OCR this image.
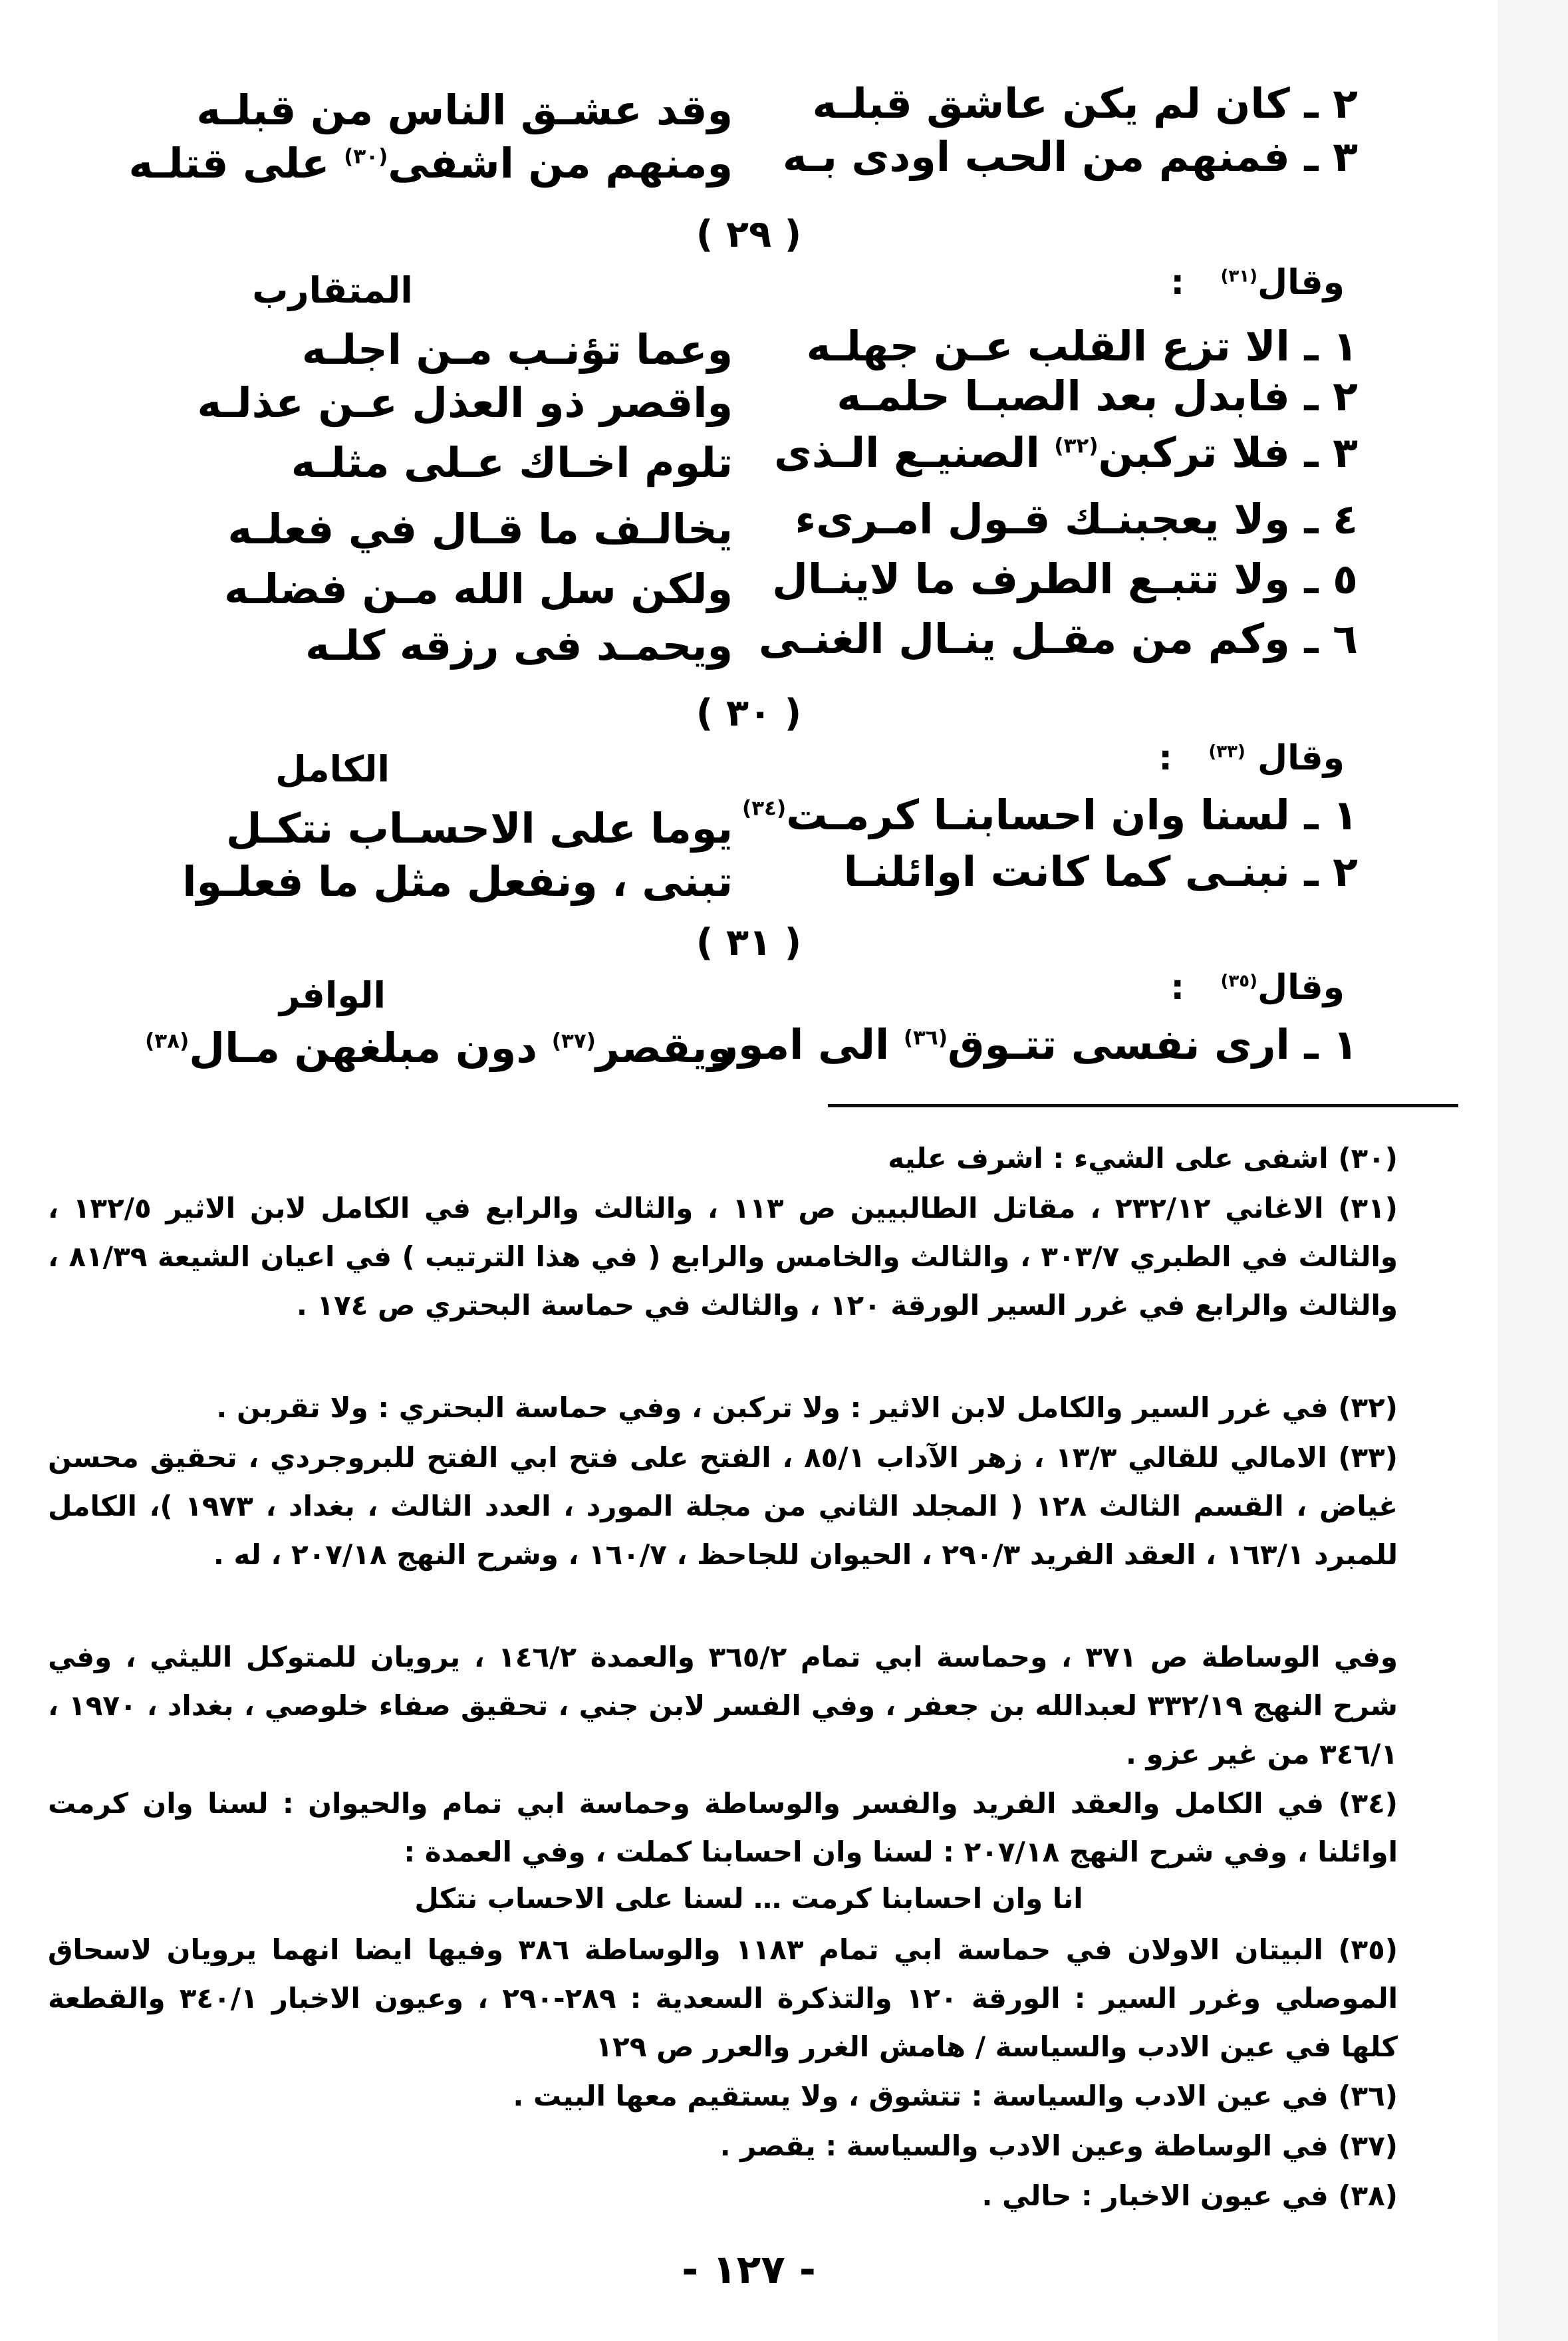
٢ ـ كان لم يكن عاشق قبلـه
وقد عشـق الناس من قبلـه
٣ ـ فمنهم من الحب اودى بـه
ومنهم من اشفى$^{(٣٠)}$ على قتلـه
( ٢٩ )
وقال$^{(٣١)}$   :
المتقارب
١ ـ الا تزع القلب عـن جهلـه
وعما تؤنـب مـن اجلـه
٢ ـ فابدل بعد الصبـا حلمـه
واقصر ذو العذل عـن عذلـه
٣ ـ فلا تركبن$^{(٣٢)}$ الصنيـع الـذى
تلوم اخـاك عـلى مثلـه
٤ ـ ولا يعجبنـك قـول امـرىء
يخالـف ما قـال في فعلـه
٥ ـ ولا تتبـع الطرف ما لاينـال
ولكن سل الله مـن فضلـه
٦ ـ وكم من مقـل ينـال الغنـى
ويحمـد فى رزقه كلـه
( ٣٠ )
وقال $^{(٣٣)}$   :
الكامل
١ ـ لسنا وان احسابنـا كرمـت$^{(٣٤)}$
يوما على الاحسـاب نتكـل
٢ ـ نبنـى كما كانت اوائلنـا
تبنى ، ونفعل مثل ما فعلـوا
( ٣١ )
وقال$^{(٣٥)}$   :
الوافر
١ ـ ارى نفسى تتـوق$^{(٣٦)}$ الى امور
ويقصر$^{(٣٧)}$ دون مبلغهن مـال$^{(٣٨)}$
(٣٠) اشفى على الشيء : اشرف عليه
(٣١) الاغاني ٢٣٢/١٢ ، مقاتل الطالبيين ص ١١٣ ، والثالث والرابع في الكامل لابن الاثير ١٣٢/٥ ، والثالث في الطبري ٣٠٣/٧ ، والثالث والخامس والرابع ( في هذا الترتيب ) في اعيان الشيعة ٨١/٣٩ ، والثالث والرابع في غرر السير الورقة ١٢٠ ، والثالث في حماسة البحتري ص ١٧٤ .
(٣٢) في غرر السير والكامل لابن الاثير : ولا تركبن ، وفي حماسة البحتري : ولا تقربن .
(٣٣) الامالي للقالي ١٣/٣ ، زهر الآداب ٨٥/١ ، الفتح على فتح ابي الفتح للبروجردي ، تحقيق محسن غياض ، القسم الثالث ١٢٨ ( المجلد الثاني من مجلة المورد ، العدد الثالث ، بغداد ، ١٩٧٣ )، الكامل للمبرد ١٦٣/١ ، العقد الفريد ٢٩٠/٣ ، الحيوان للجاحظ ، ١٦٠/٧ ، وشرح النهج ٢٠٧/١٨ ، له .
وفي الوساطة ص ٣٧١ ، وحماسة ابي تمام ٣٦٥/٢ والعمدة ١٤٦/٢ ، يرويان للمتوكل الليثي ، وفي شرح النهج ٣٣٢/١٩ لعبدالله بن جعفر ، وفي الفسر لابن جني ، تحقيق صفاء خلوصي ، بغداد ، ١٩٧٠ ، ٣٤٦/١ من غير عزو .
(٣٤) في الكامل والعقد الفريد والفسر والوساطة وحماسة ابي تمام والحيوان : لسنا وان كرمت اوائلنا ، وفي شرح النهج ٢٠٧/١٨ : لسنا وان احسابنا كملت ، وفي العمدة :
انا وان احسابنا كرمت … لسنا على الاحساب نتكل
(٣٥) البيتان الاولان في حماسة ابي تمام ١١٨٣ والوساطة ٣٨٦ وفيها ايضا انهما يرويان لاسحاق الموصلي وغرر السير : الورقة ١٢٠ والتذكرة السعدية : ٢٨٩-٢٩٠ ، وعيون الاخبار ٣٤٠/١ والقطعة كلها في عين الادب والسياسة / هامش الغرر والعرر ص ١٢٩
(٣٦) في عين الادب والسياسة : تتشوق ، ولا يستقيم معها البيت .
(٣٧) في الوساطة وعين الادب والسياسة : يقصر .
(٣٨) في عيون الاخبار : حالي .
- ١٢٧ -
